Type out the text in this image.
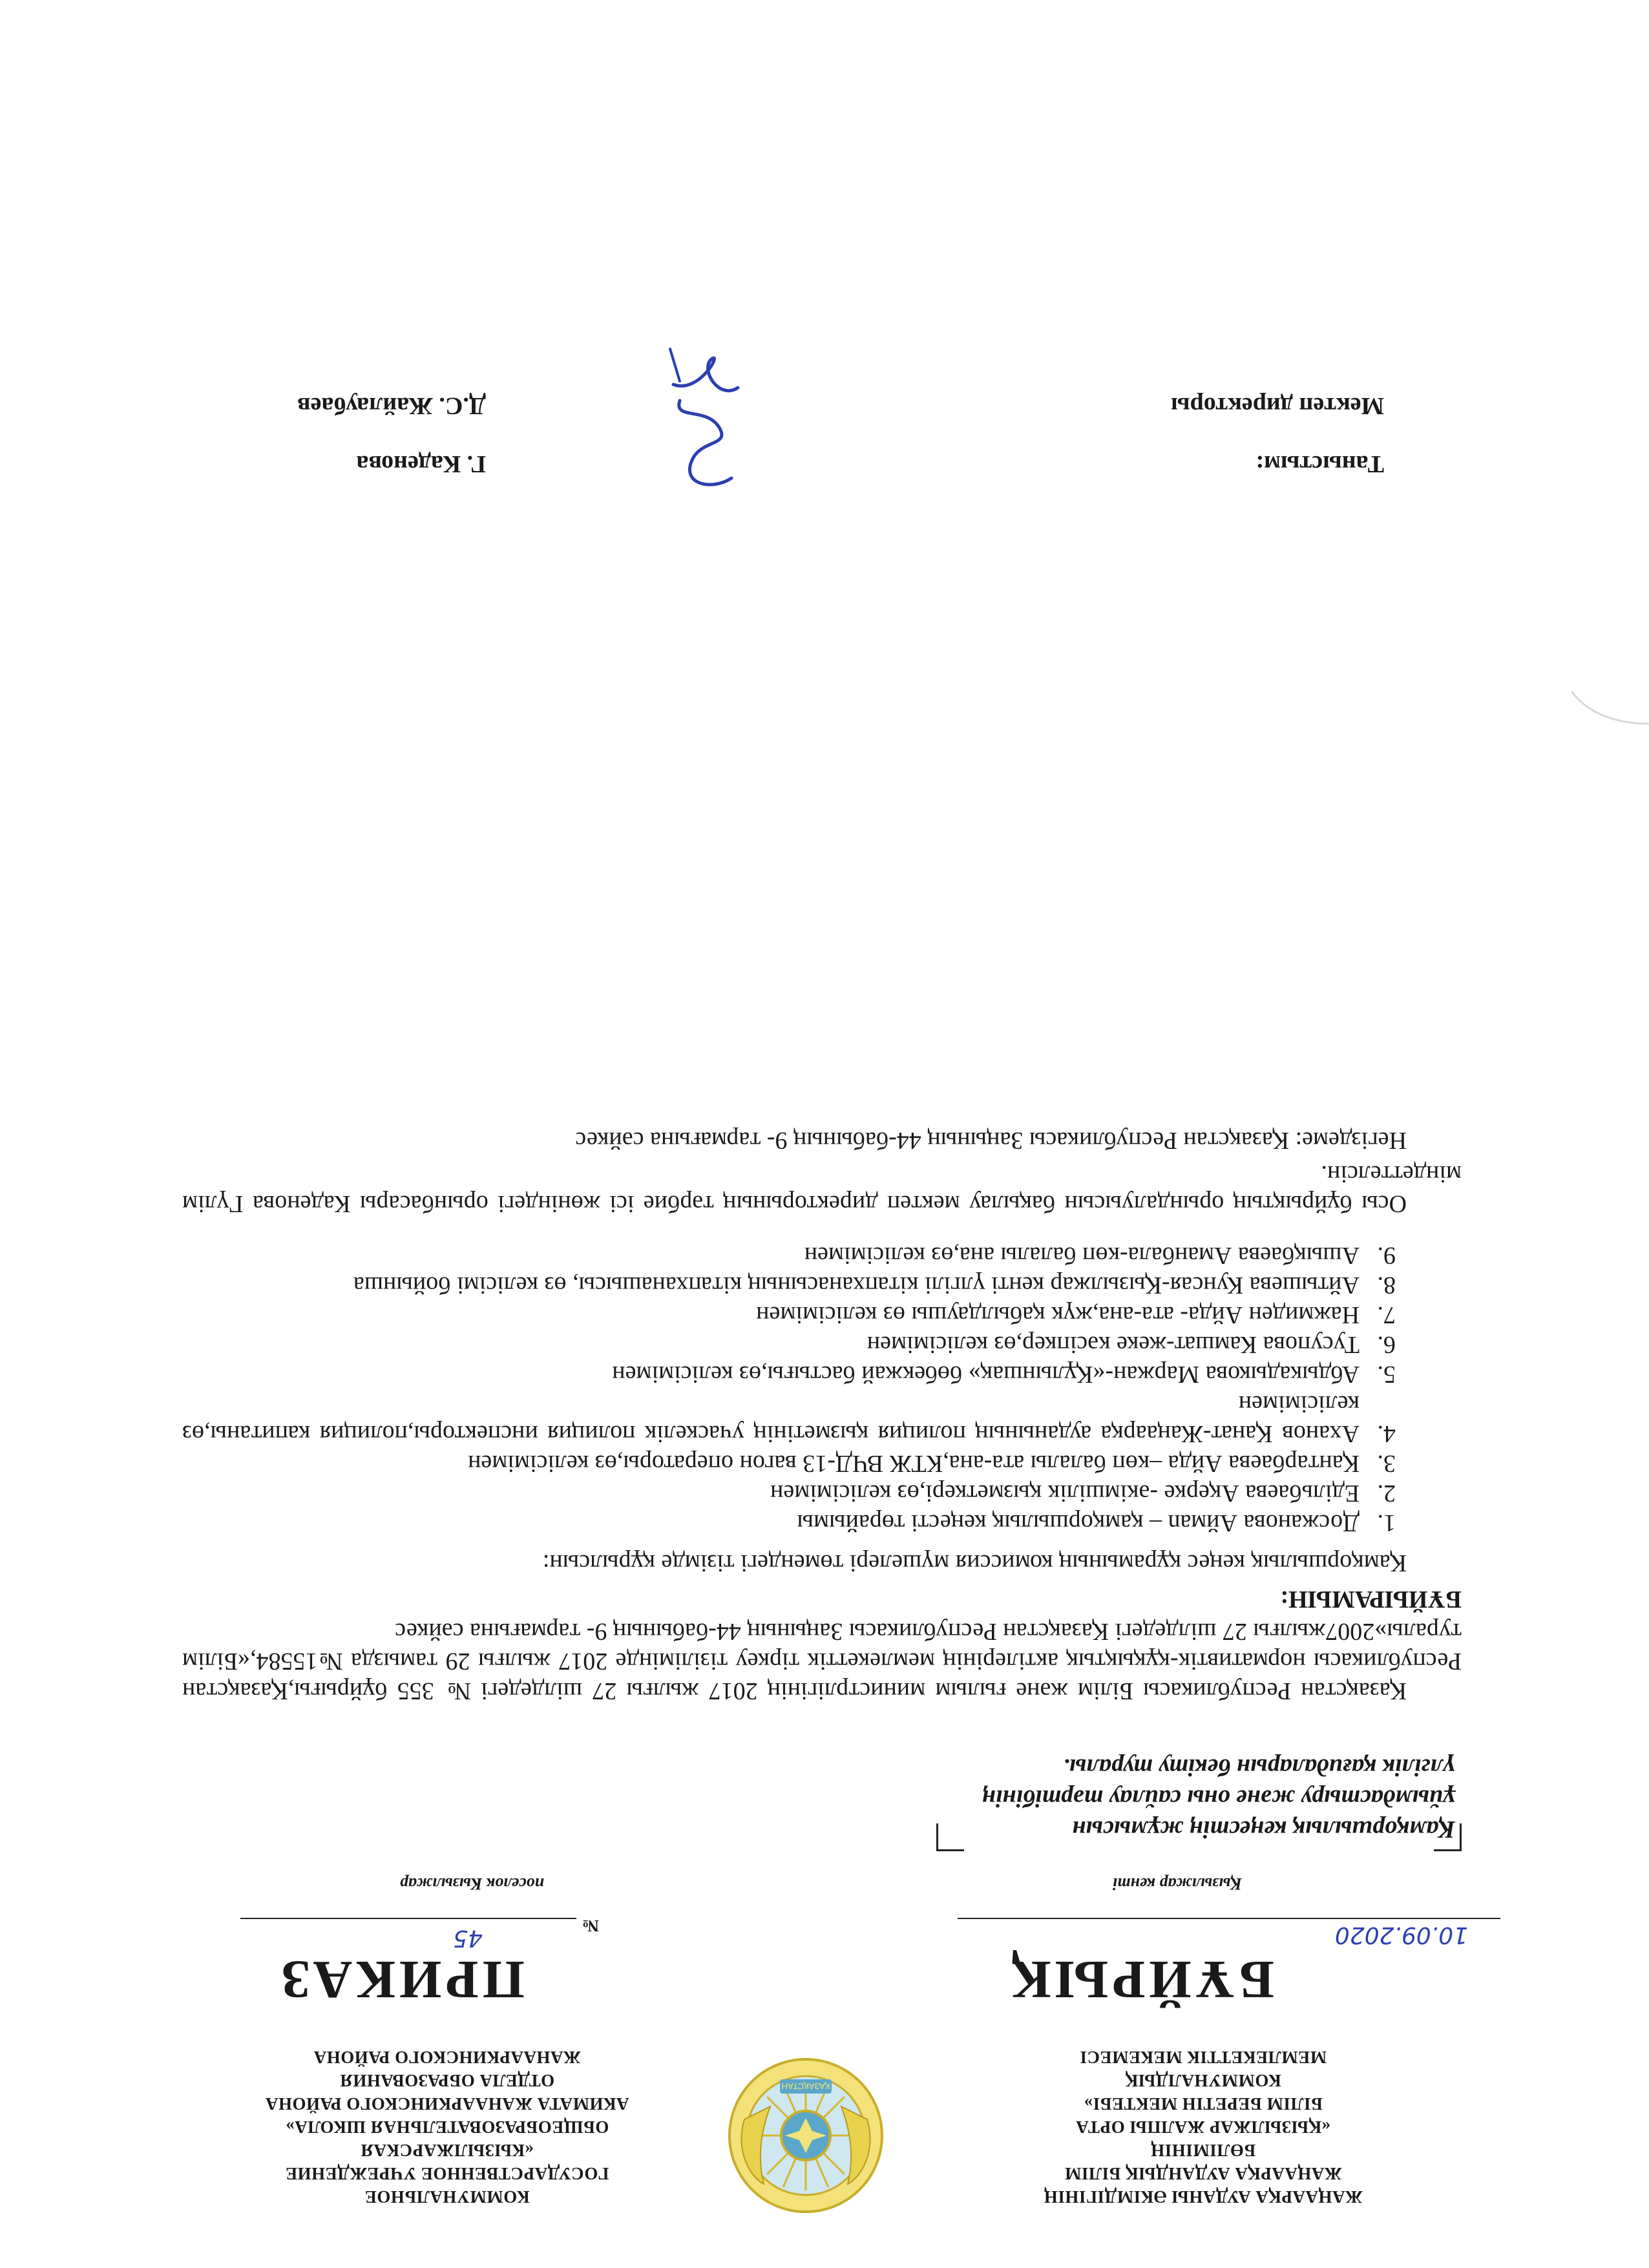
ЖАҢААРҚА АУДАНЫ ӘКІМДІГІНІҢ
ЖАҢААРҚА АУДАНДЫҚ БІЛІМ
БӨЛІМІНІҢ
«ҚЫЗЫЛЖАР ЖАЛПЫ ОРТА
БІЛІМ БЕРЕТІН МЕКТЕБІ»
КОММУНАЛДЫҚ
МЕМЛЕКЕТТІК МЕКЕМЕСІ
ҚАЗАҚСТАН
КОММУНАЛЬНОЕ
ГОСУДАРСТВЕННОЕ УЧРЕЖДЕНИЕ
«КЫЗЫЛЖАРСКАЯ
ОБЩЕОБРАЗОВАТЕЛЬНАЯ ШКОЛА»
АКИМАТА ЖАНААРКИНСКОГО РАЙОНА
ОТДЕЛА ОБРАЗОВАНИЯ
ЖАНААРКИНСКОГО РАЙОНА
БҰЙРЫҚ
ПРИКАЗ
10.09.2020
№
45
Қызылжар кенті
поселок Кызылжар
Қамқоршылық кеңестің жұмысын
ұйымдастыру және оны сайлау тәртібінің
үлгілік қағидаларын бекіту туралы.

Қазақстан Республикасы Білім және ғылым министрлігінің 2017 жылғы 27 шілдедегі № 355 бұйрығы,Қазақстан Республикасы нормативтік-құқықтық актілерінің мемлекеттік тіркеу тізілімінде 2017 жылғы 29 тамызда №15584,«Білім туралы»2007жылғы 27 шілдедегі Қазақстан Республикасы Заңының 44-бабының 9- тармағына сәйкес

БҰЙЫРАМЫН:

Қамқоршылық кеңес құрамының комиссия мүшелері төмендегі тізімде құрылсын:

1. Досжанова Аймаn – қамқоршылық кеңесті төрайымы
2. Едільбаева Ақерке -әкімшілік қызметкері,өз келісімімен
3. Қантарбаева Айда –көп балалы ата-ана,КТЖ ВЧД-13 вагон операторы,өз келісімімен
4. Аханов Қанат-Жаңаарқа ауданының полиция қызметінің учаскелік полиция инспекторы,полиция капитаны,өз келісімімен
5. Абдыкадыкова Маржан-«Құлыншақ» бөбекжай бастығы,өз келісімімен
6. Тусупова Камшат-жеке кәсіпкер,өз келісімімен
7. Нажмиден Айда- ата-ана,жүк қабылдаушы өз келісімімен
8. Айтышева Кунсая-Қызылжар кенті үлгілі кітапханасының кітапханашысы, өз келісімі бойынша
9. Ашықбаева Аманбала-көп балалы ана,өз келісімімен

Осы бұйрықтың орындалуысын бақылау мектеп директорының тәрбие ісі жөніндегі орынбасары Каденова Гүлім міндеттелсін.

Негіздеме: Қазақстан Республикасы Заңының 44-бабының 9- тармағына сәйкес

Мектеп директоры
Д.С. Жайлаубаев
Таныстым:
Г. Каденова
